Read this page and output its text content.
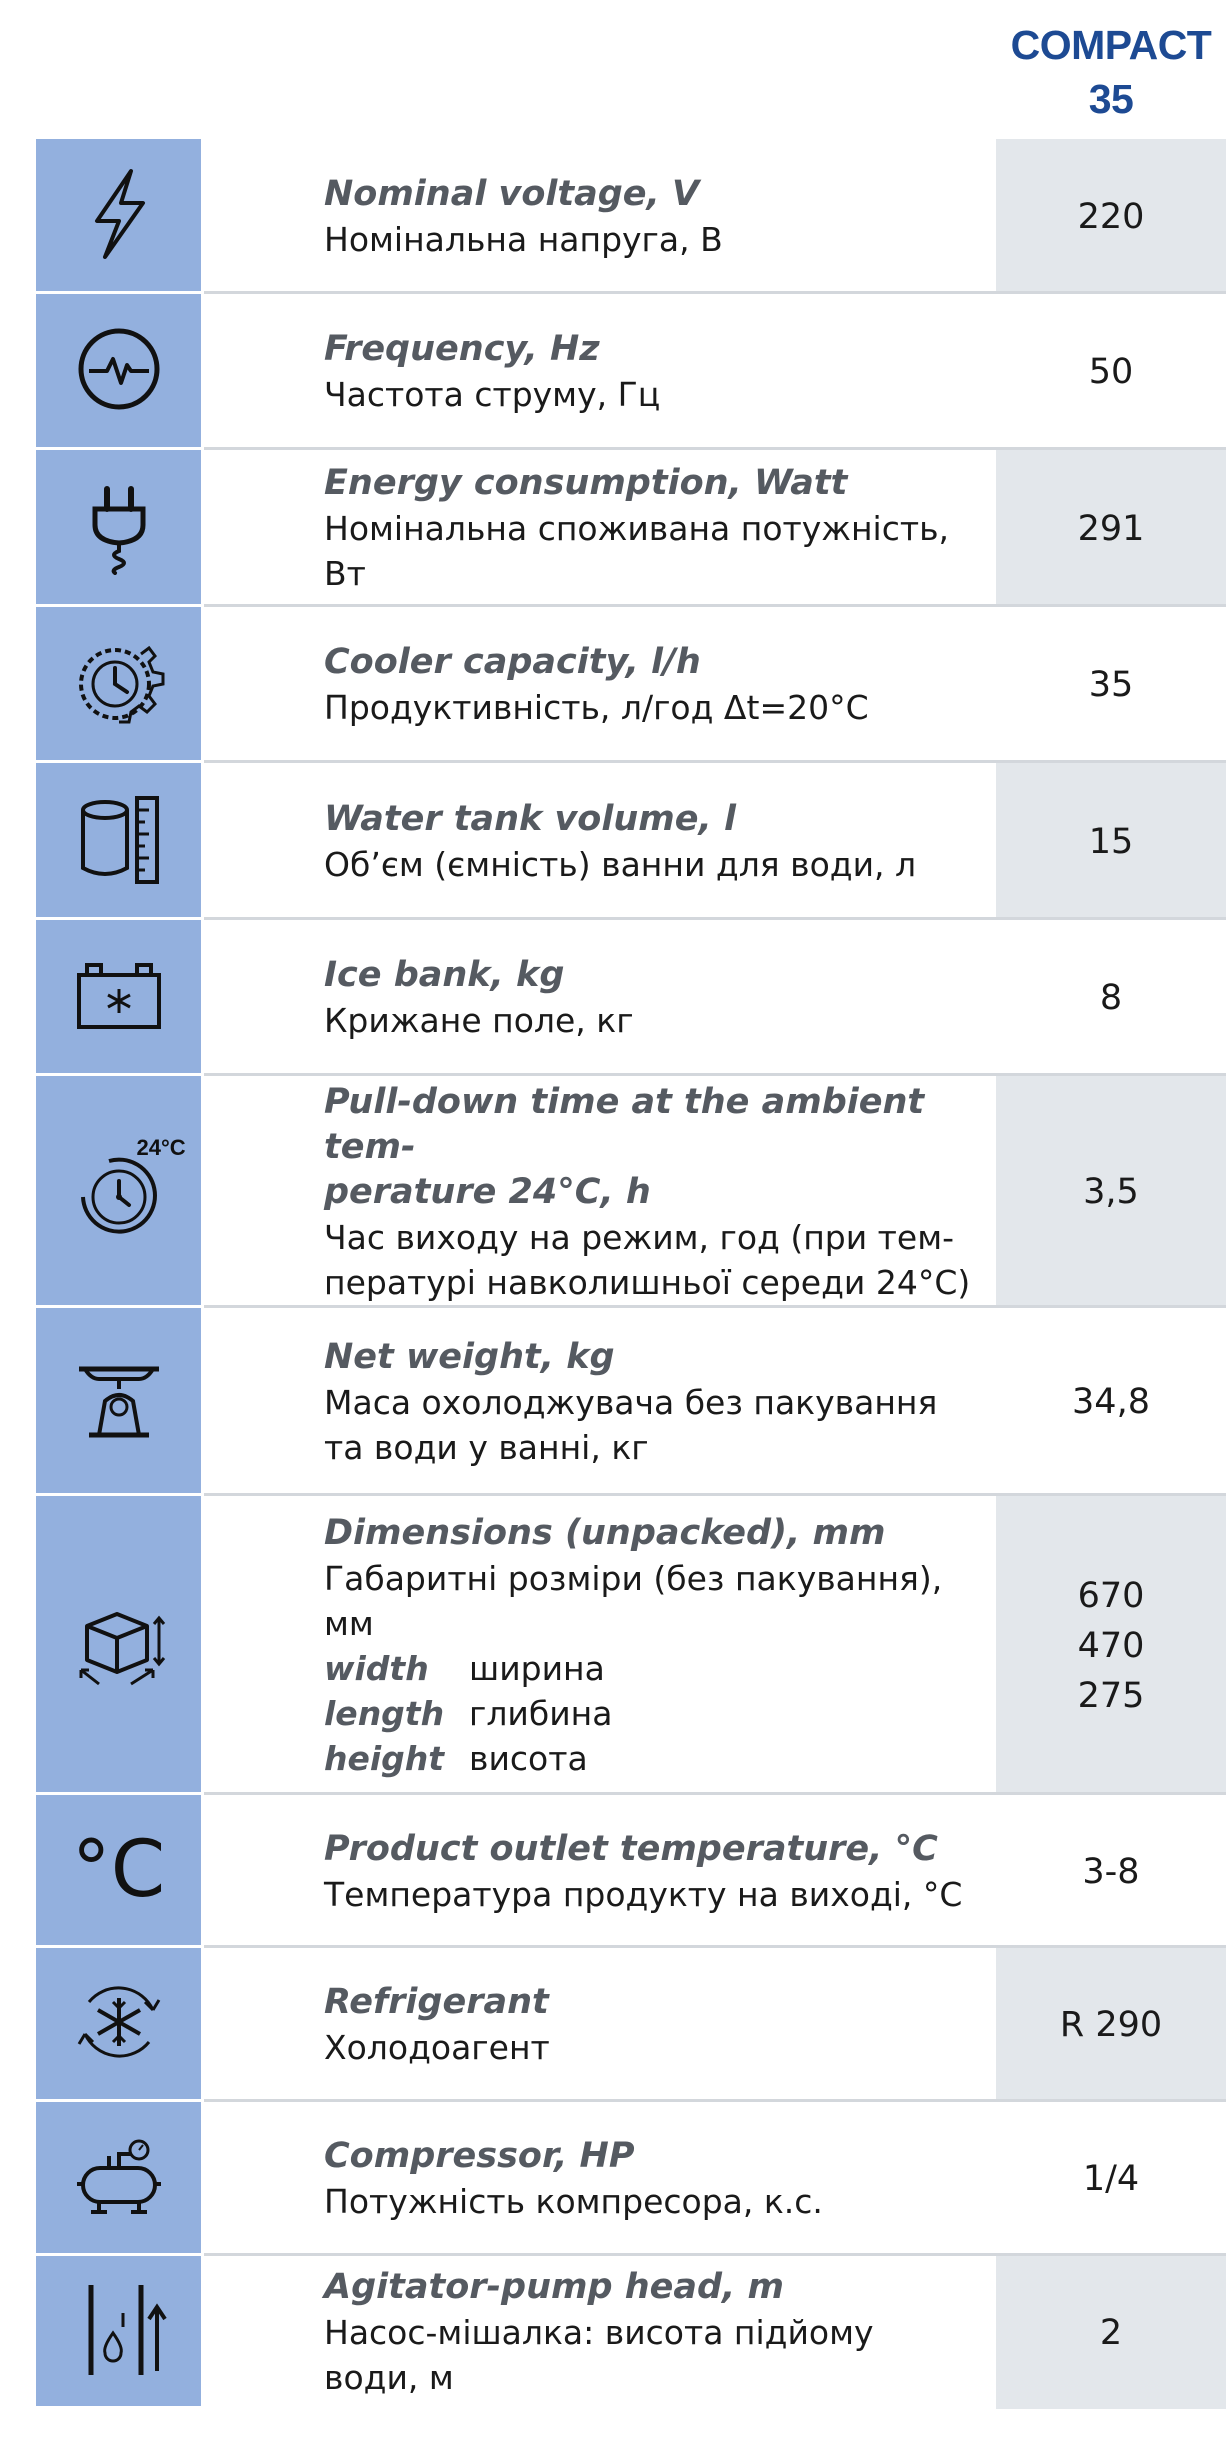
COMPACT
35
Nominal voltage, V
Номінальна напруга, В
220
Frequency, Hz
Частота струму, Гц
50
Energy consumption, Watt
Номінальна споживана потужність,
Вт
291
Cooler capacity, l/h
Продуктивність, л/год Δt=20°C
35
Water tank volume, l
Об’єм (ємність) ванни для води, л
15
Ice bank, kg
Крижане поле, кг
8
24°C
Pull-down time at the ambient tem-
perature 24°C, h
Час виходу на режим, год (при тем-
пературі навколишньої середи 24°C)
3,5
Net weight, kg
Маса охолоджувача без пакування
та води у ванні, кг
34,8
Dimensions (unpacked), mm
Габаритні розміри (без пакування),
мм
width	ширина
length глибина
height висота
670
470
275
°C	Product outlet temperature, °C
Температура продукту на виході, °C
3-8
Refrigerant
Холодоагент
R 290
Compressor, HP
Потужність компресора, к.с.
1/4
Agitator-pump head, m
Насос-мішалка: висота підйому
води, м
2
